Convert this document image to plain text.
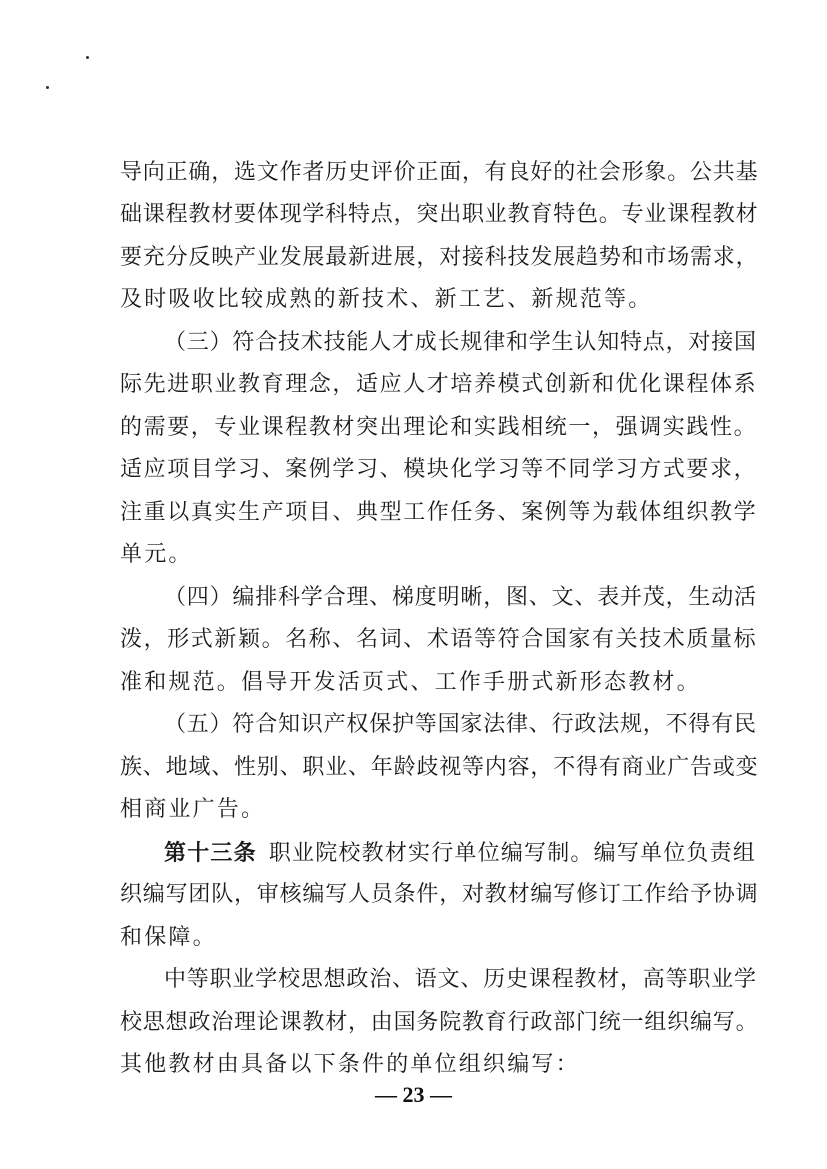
导向正确，选文作者历史评价正面，有良好的社会形象。公共基
础课程教材要体现学科特点，突出职业教育特色。专业课程教材
要充分反映产业发展最新进展，对接科技发展趋势和市场需求，
及时吸收比较成熟的新技术、新工艺、新规范等。
（三）符合技术技能人才成长规律和学生认知特点，对接国
际先进职业教育理念，适应人才培养模式创新和优化课程体系
的需要，专业课程教材突出理论和实践相统一，强调实践性。
适应项目学习、案例学习、模块化学习等不同学习方式要求，
注重以真实生产项目、典型工作任务、案例等为载体组织教学
单元。
（四）编排科学合理、梯度明晰，图、文、表并茂，生动活
泼，形式新颖。名称、名词、术语等符合国家有关技术质量标
准和规范。倡导开发活页式、工作手册式新形态教材。
（五）符合知识产权保护等国家法律、行政法规，不得有民
族、地域、性别、职业、年龄歧视等内容，不得有商业广告或变
相商业广告。
第十三条 职业院校教材实行单位编写制。编写单位负责组
织编写团队，审核编写人员条件，对教材编写修订工作给予协调
和保障。
中等职业学校思想政治、语文、历史课程教材，高等职业学
校思想政治理论课教材，由国务院教育行政部门统一组织编写。
其他教材由具备以下条件的单位组织编写：
— 23 —
